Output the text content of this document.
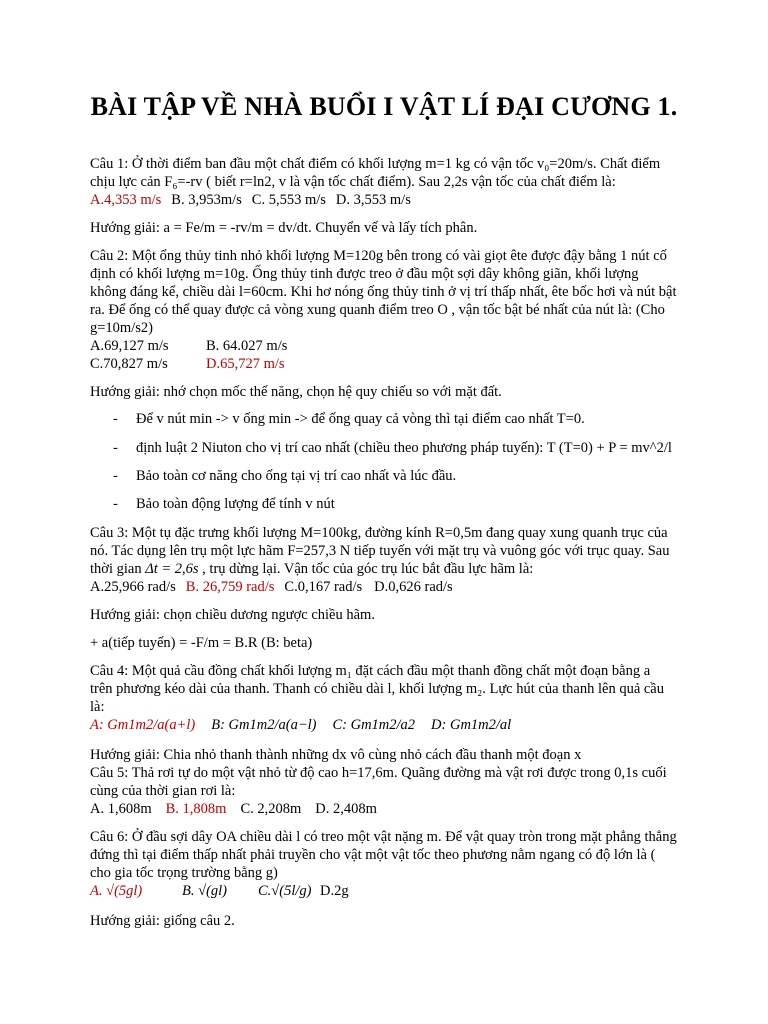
BÀI TẬP VỀ NHÀ BUỔI I VẬT LÍ ĐẠI CƯƠNG 1.
Câu 1: Ở thời điểm ban đầu một chất điểm có khối lượng m=1 kg có vận tốc v₀=20m/s. Chất điểm
chịu lực cản F₆=-rv ( biết r=ln2, v là vận tốc chất điểm). Sau 2,2s vận tốc của chất điểm là:
A.4,353 m/s B. 3,953m/s C. 5,553 m/s D. 3,553 m/s
Hướng giải: a = Fe/m = -rv/m = dv/dt. Chuyển vế và lấy tích phân.
Câu 2: Một ống thủy tinh nhỏ khối lượng M=120g bên trong có vài giọt ête được đậy bằng 1 nút cố
định có khối lượng m=10g. Ống thủy tinh được treo ở đầu một sợi dây không giãn, khối lượng
không đáng kể, chiều dài l=60cm. Khi hơ nóng ống thủy tinh ở vị trí thấp nhất, ête bốc hơi và nút bật
ra. Để ống có thể quay được cả vòng xung quanh điểm treo O , vận tốc bật bé nhất của nút là: (Cho
g=10m/s2)
A.69,127 m/s	B. 64.027 m/s
C.70,827 m/s	D.65,727 m/s
Hướng giải: nhớ chọn mốc thế năng, chọn hệ quy chiếu so với mặt đất.
- Để v nút min -> v ống min -> để ống quay cả vòng thì tại điểm cao nhất T=0.
- định luật 2 Niuton cho vị trí cao nhất (chiều theo phương pháp tuyến): T (T=0) + P = mv^2/l
- Bảo toàn cơ năng cho ống tại vị trí cao nhất và lúc đầu.
- Bảo toàn động lượng để tính v nút
Câu 3: Một tụ đặc trưng khối lượng M=100kg, đường kính R=0,5m đang quay xung quanh trục của
nó. Tác dụng lên trụ một lực hãm F=257,3 N tiếp tuyến với mặt trụ và vuông góc với trục quay. Sau
thời gian Δt = 2,6s , trụ dừng lại. Vận tốc của góc trụ lúc bắt đầu lực hãm là:
A.25,966 rad/s B. 26,759 rad/s C.0,167 rad/s D.0,626 rad/s
Hướng giải: chọn chiều dương ngược chiều hãm.
+ a(tiếp tuyến) = -F/m = B.R (B: beta)
Câu 4: Một quả cầu đồng chất khối lượng m₁ đặt cách đầu một thanh đồng chất một đoạn bằng a
trên phương kéo dài của thanh. Thanh có chiều dài l, khối lượng m₂. Lực hút của thanh lên quả cầu
là:
A: Gm1m2/a(a+l) B: Gm1m2/a(a−l) C: Gm1m2/a2 D: Gm1m2/al
Hướng giải: Chia nhỏ thanh thành những dx vô cùng nhỏ cách đầu thanh một đoạn x
Câu 5: Thả rơi tự do một vật nhỏ từ độ cao h=17,6m. Quãng đường mà vật rơi được trong 0,1s cuối
cùng của thời gian rơi là:
A. 1,608m B. 1,808m C. 2,208m D. 2,408m
Câu 6: Ở đầu sợi dây OA chiều dài l có treo một vật nặng m. Để vật quay tròn trong mặt phẳng thẳng
đứng thì tại điểm thấp nhất phải truyền cho vật một vật tốc theo phương nằm ngang có độ lớn là (
cho gia tốc trọng trường bằng g)
A. √(5gl)	B. √(gl) C.√(5l/g) D.2g
Hướng giải: giống câu 2.
